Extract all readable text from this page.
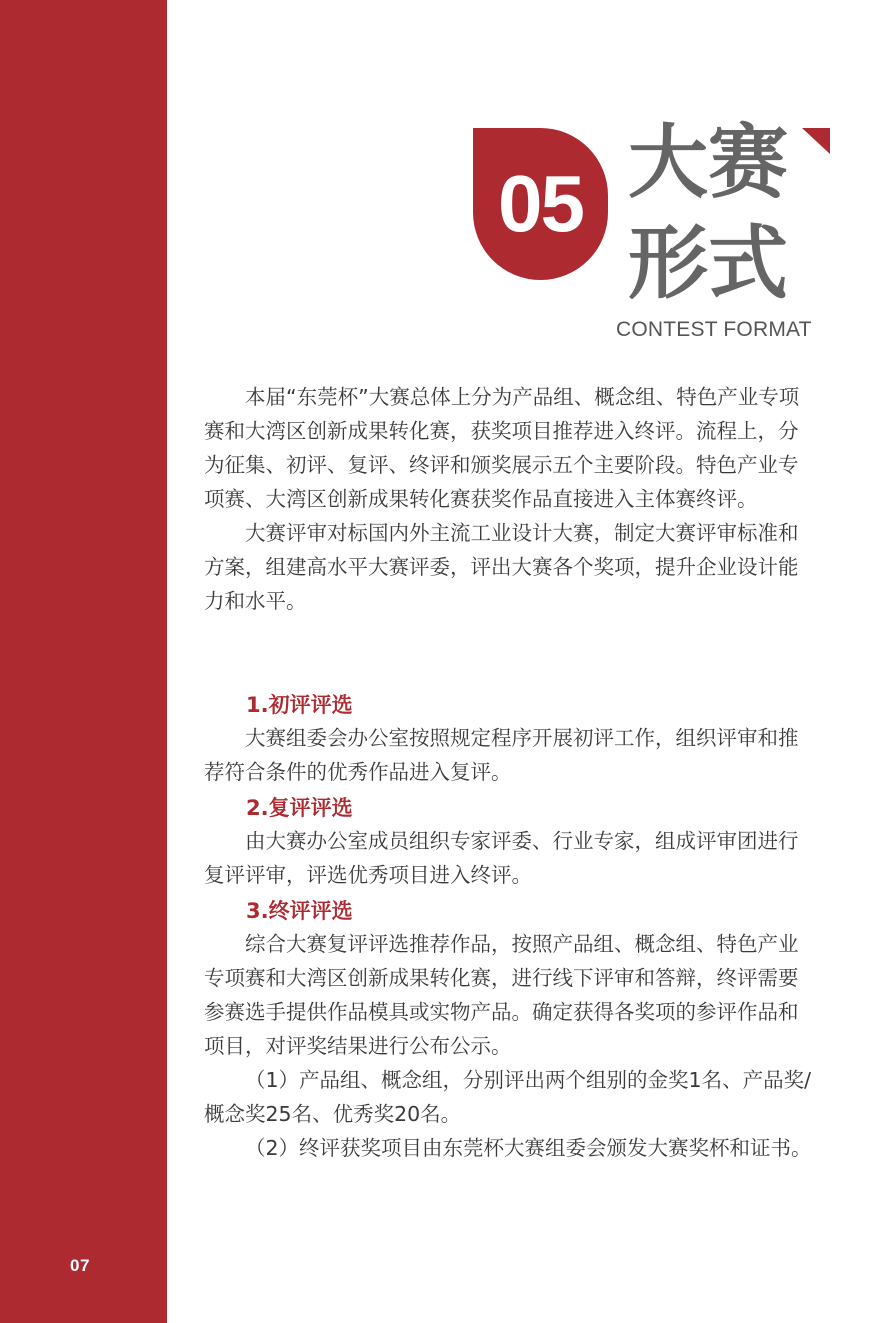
07
05 大赛
形式
CONTEST FORMAT

本届“东莞杯”大赛总体上分为产品组、概念组、特色产业专项赛和大湾区创新成果转化赛，获奖项目推荐进入终评。流程上，分为征集、初评、复评、终评和颁奖展示五个主要阶段。特色产业专项赛、大湾区创新成果转化赛获奖作品直接进入主体赛终评。

大赛评审对标国内外主流工业设计大赛，制定大赛评审标准和方案，组建高水平大赛评委，评出大赛各个奖项，提升企业设计能力和水平。

1.初评评选

大赛组委会办公室按照规定程序开展初评工作，组织评审和推荐符合条件的优秀作品进入复评。

2.复评评选

由大赛办公室成员组织专家评委、行业专家，组成评审团进行复评评审，评选优秀项目进入终评。

3.终评评选

综合大赛复评评选推荐作品，按照产品组、概念组、特色产业专项赛和大湾区创新成果转化赛，进行线下评审和答辩，终评需要参赛选手提供作品模具或实物产品。确定获得各奖项的参评作品和项目，对评奖结果进行公布公示。

（1）产品组、概念组，分别评出两个组别的金奖1名、产品奖/概念奖25名、优秀奖20名。

（2）终评获奖项目由东莞杯大赛组委会颁发大赛奖杯和证书。
